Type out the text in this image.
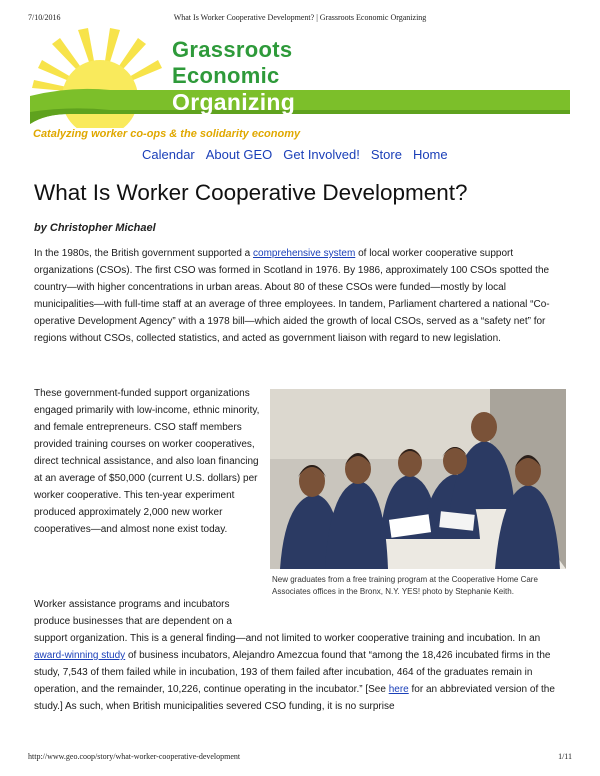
7/10/2016	What Is Worker Cooperative Development? | Grassroots Economic Organizing
Grassroots
Economic
Organizing
Catalyzing worker co-ops & the solidarity economy
Calendar About GEO Get Involved! Store Home
What Is Worker Cooperative Development?
by Christopher Michael

In the 1980s, the British government supported a comprehensive system of local worker cooperative support organizations (CSOs). The first CSO was formed in Scotland in 1976. By 1986, approximately 100 CSOs spotted the country—with higher concentrations in urban areas. About 80 of these CSOs were funded—mostly by local municipalities—with full-time staff at an average of three employees. In tandem, Parliament chartered a national “Co-operative Development Agency” with a 1978 bill—which aided the growth of local CSOs, served as a “safety net” for regions without CSOs, collected statistics, and acted as government liaison with regard to new legislation.

These government-funded support organizations engaged primarily with low-income, ethnic minority, and female entrepreneurs. CSO staff members provided training courses on worker cooperatives, direct technical assistance, and also loan financing at an average of $50,000 (current U.S. dollars) per worker cooperative. This ten-year experiment produced approximately 2,000 new worker cooperatives—and almost none exist today.

New graduates from a free training program at the Cooperative Home Care Associates offices in the Bronx, N.Y. YES! photo by Stephanie Keith.

Worker assistance programs and incubators produce businesses that are dependent on a

support organization. This is a general finding—and not limited to worker cooperative training and incubation. In an award-winning study of business incubators, Alejandro Amezcua found that “among the 18,426 incubated firms in the study, 7,543 of them failed while in incubation, 193 of them failed after incubation, 464 of the graduates remain in operation, and the remainder, 10,226, continue operating in the incubator.” [See here for an abbreviated version of the study.] As such, when British municipalities severed CSO funding, it is no surprise

http://www.geo.coop/story/what-worker-cooperative-development	1/11
